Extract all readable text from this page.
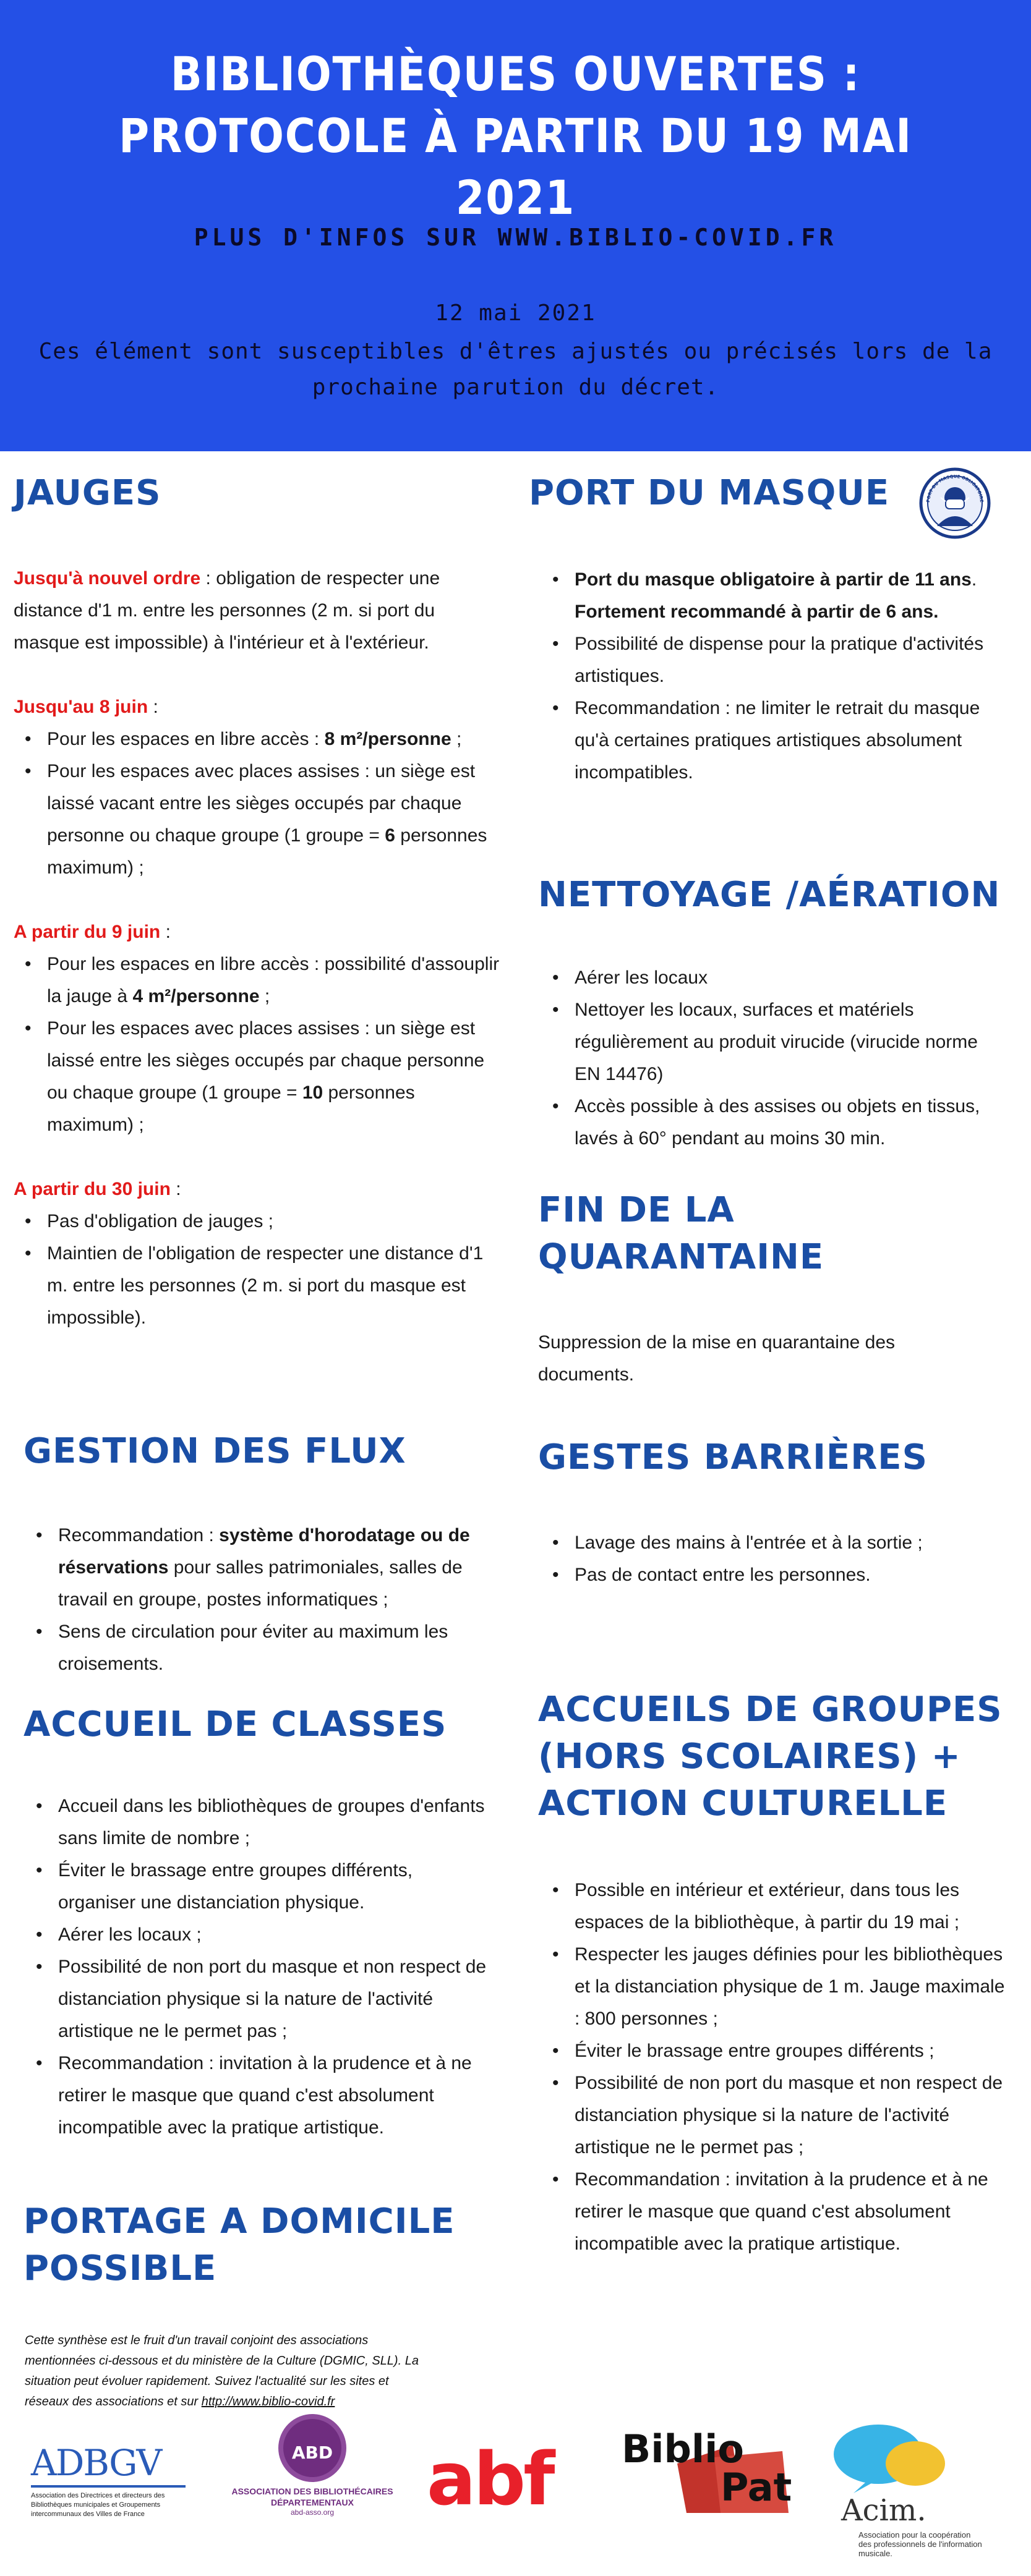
BIBLIOTHÈQUES OUVERTES :
PROTOCOLE À PARTIR DU 19 MAI 2021
PLUS D'INFOS SUR WWW.BIBLIO-COVID.FR
12 mai 2021
Ces élément sont susceptibles d'êtres ajustés ou précisés lors de la prochaine parution du décret.
JAUGES

Jusqu'à nouvel ordre : obligation de respecter une distance d'1 m. entre les personnes (2 m. si port du masque est impossible) à l'intérieur et à l'extérieur.

Jusqu'au 8 juin :

• Pour les espaces en libre accès : 8 m²/personne ;
• Pour les espaces avec places assises : un siège est laissé vacant entre les sièges occupés par chaque personne ou chaque groupe (1 groupe = 6 personnes maximum) ;

A partir du 9 juin :

• Pour les espaces en libre accès : possibilité d'assouplir la jauge à 4 m²/personne ;
• Pour les espaces avec places assises : un siège est laissé entre les sièges occupés par chaque personne ou chaque groupe (1 groupe = 10 personnes maximum) ;

A partir du 30 juin :

• Pas d'obligation de jauges ;
• Maintien de l'obligation de respecter une distance d'1 m. entre les personnes (2 m. si port du masque est impossible).
PORT DU MASQUE	PORT DU MASQUE OBLIGATOIRE
• Port du masque obligatoire à partir de 11 ans. Fortement recommandé à partir de 6 ans.
• Possibilité de dispense pour la pratique d'activités artistiques.
• Recommandation : ne limiter le retrait du masque qu'à certaines pratiques artistiques absolument incompatibles.
NETTOYAGE /AÉRATION
• Aérer les locaux
• Nettoyer les locaux, surfaces et matériels régulièrement au produit virucide (virucide norme EN 14476)
• Accès possible à des assises ou objets en tissus, lavés à 60° pendant au moins 30 min.
FIN DE LA
QUARANTAINE
Suppression de la mise en quarantaine des documents.
GESTION DES FLUX
• Recommandation : système d'horodatage ou de réservations pour salles patrimoniales, salles de travail en groupe, postes informatiques ;
• Sens de circulation pour éviter au maximum les croisements.
GESTES BARRIÈRES
• Lavage des mains à l'entrée et à la sortie ;
• Pas de contact entre les personnes.
ACCUEIL DE CLASSES
• Accueil dans les bibliothèques de groupes d'enfants sans limite de nombre ;
• Éviter le brassage entre groupes différents, organiser une distanciation physique.
• Aérer les locaux ;
• Possibilité de non port du masque et non respect de distanciation physique si la nature de l'activité artistique ne le permet pas ;
• Recommandation : invitation à la prudence et à ne retirer le masque que quand c'est absolument incompatible avec la pratique artistique.
ACCUEILS DE GROUPES
(HORS SCOLAIRES) +
ACTION CULTURELLE
• Possible en intérieur et extérieur, dans tous les espaces de la bibliothèque, à partir du 19 mai ;
• Respecter les jauges définies pour les bibliothèques et la distanciation physique de 1 m. Jauge maximale : 800 personnes ;
• Éviter le brassage entre groupes différents ;
• Possibilité de non port du masque et non respect de distanciation physique si la nature de l'activité artistique ne le permet pas ;
• Recommandation : invitation à la prudence et à ne retirer le masque que quand c'est absolument incompatible avec la pratique artistique.
PORTAGE A DOMICILE
POSSIBLE
Cette synthèse est le fruit d'un travail conjoint des associations mentionnées ci-dessous et du ministère de la Culture (DGMIC, SLL). La situation peut évoluer rapidement. Suivez l'actualité sur les sites et réseaux des associations et sur http://www.biblio-covid.fr
ADBGV
Association des Directrices et directeurs des Bibliothèques municipales et Groupements intercommunaux des Villes de France
ABD
ASSOCIATION DES BIBLIOTHÉCAIRES DÉPARTEMENTAUX
abd-asso.org	abf	Biblio
Pat
Acim.
Association pour la coopération des professionnels de l'information musicale.
